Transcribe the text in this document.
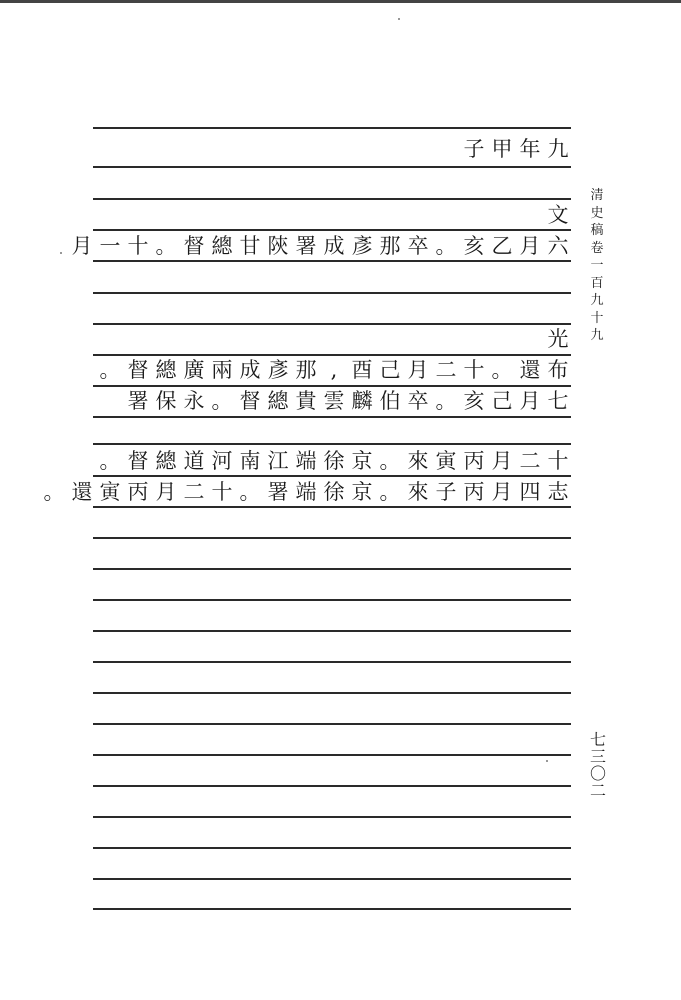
九
年
甲
子
文
六
月
乙
亥
。
卒
那
彥
成
署
陝
甘
總
督
。
十
一
月
光
布
還
。
十
二
月
己
酉
,
那
彥
成
兩
廣
總
督
。
七
月
己
亥
。
卒
伯
麟
雲
貴
總
督
。
永
保
署
十
二
月
丙
寅
來
。
京
徐
端
江
南
河
道
總
督
。
志
四
月
丙
子
來
。
京
徐
端
署
。
十
二
月
丙
寅
還
。
清史稿卷一百九十九
七三〇二
